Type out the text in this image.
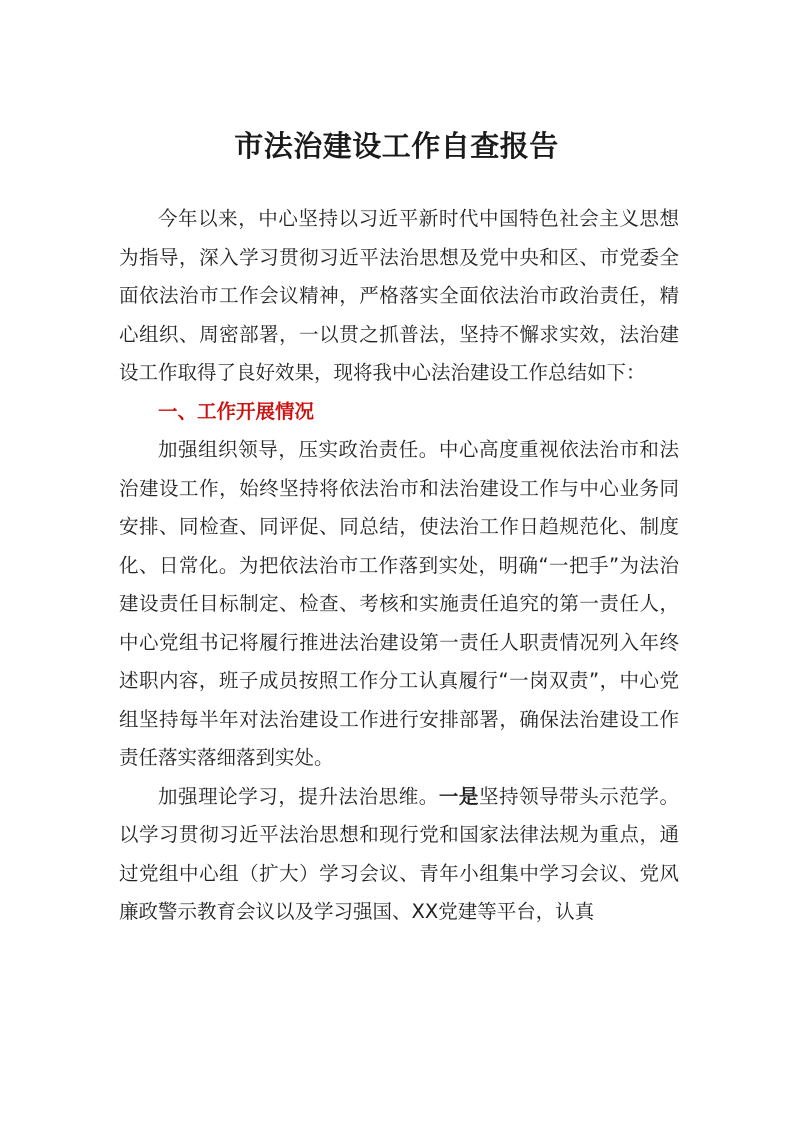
市法治建设工作自查报告

今年以来，中心坚持以习近平新时代中国特色社会主义思想为指导，深入学习贯彻习近平法治思想及党中央和区、市党委全面依法治市工作会议精神，严格落实全面依法治市政治责任，精心组织、周密部署，一以贯之抓普法，坚持不懈求实效，法治建设工作取得了良好效果，现将我中心法治建设工作总结如下：

一、工作开展情况

加强组织领导，压实政治责任。中心高度重视依法治市和法治建设工作，始终坚持将依法治市和法治建设工作与中心业务同安排、同检查、同评促、同总结，使法治工作日趋规范化、制度化、日常化。为把依法治市工作落到实处，明确“一把手”为法治建设责任目标制定、检查、考核和实施责任追究的第一责任人，中心党组书记将履行推进法治建设第一责任人职责情况列入年终述职内容，班子成员按照工作分工认真履行“一岗双责”，中心党组坚持每半年对法治建设工作进行安排部署，确保法治建设工作责任落实落细落到实处。

加强理论学习，提升法治思维。一是坚持领导带头示范学。以学习贯彻习近平法治思想和现行党和国家法律法规为重点，通过党组中心组（扩大）学习会议、青年小组集中学习会议、党风廉政警示教育会议以及学习强国、XX党建等平台，认真
